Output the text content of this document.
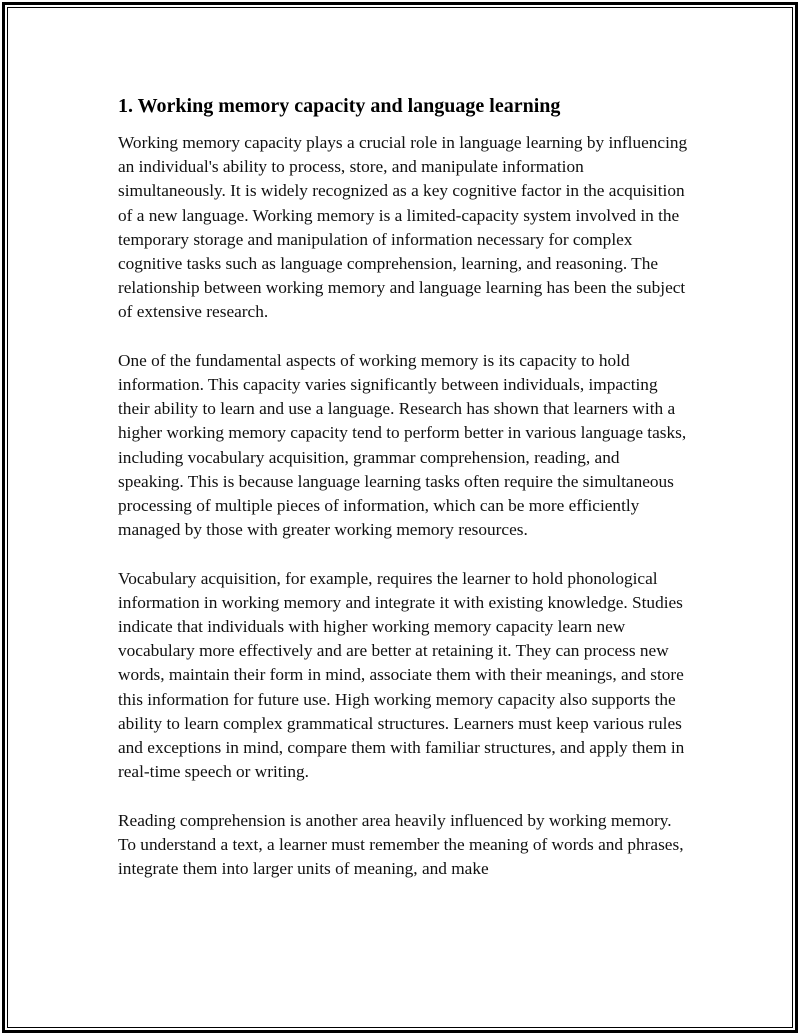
1. Working memory capacity and language learning

Working memory capacity plays a crucial role in language learning by influencing an individual's ability to process, store, and manipulate information simultaneously. It is widely recognized as a key cognitive factor in the acquisition of a new language. Working memory is a limited-capacity system involved in the temporary storage and manipulation of information necessary for complex cognitive tasks such as language comprehension, learning, and reasoning. The relationship between working memory and language learning has been the subject of extensive research.

One of the fundamental aspects of working memory is its capacity to hold information. This capacity varies significantly between individuals, impacting their ability to learn and use a language. Research has shown that learners with a higher working memory capacity tend to perform better in various language tasks, including vocabulary acquisition, grammar comprehension, reading, and speaking. This is because language learning tasks often require the simultaneous processing of multiple pieces of information, which can be more efficiently managed by those with greater working memory resources.

Vocabulary acquisition, for example, requires the learner to hold phonological information in working memory and integrate it with existing knowledge. Studies indicate that individuals with higher working memory capacity learn new vocabulary more effectively and are better at retaining it. They can process new words, maintain their form in mind, associate them with their meanings, and store this information for future use. High working memory capacity also supports the ability to learn complex grammatical structures. Learners must keep various rules and exceptions in mind, compare them with familiar structures, and apply them in real-time speech or writing.

Reading comprehension is another area heavily influenced by working memory. To understand a text, a learner must remember the meaning of words and phrases, integrate them into larger units of meaning, and make
